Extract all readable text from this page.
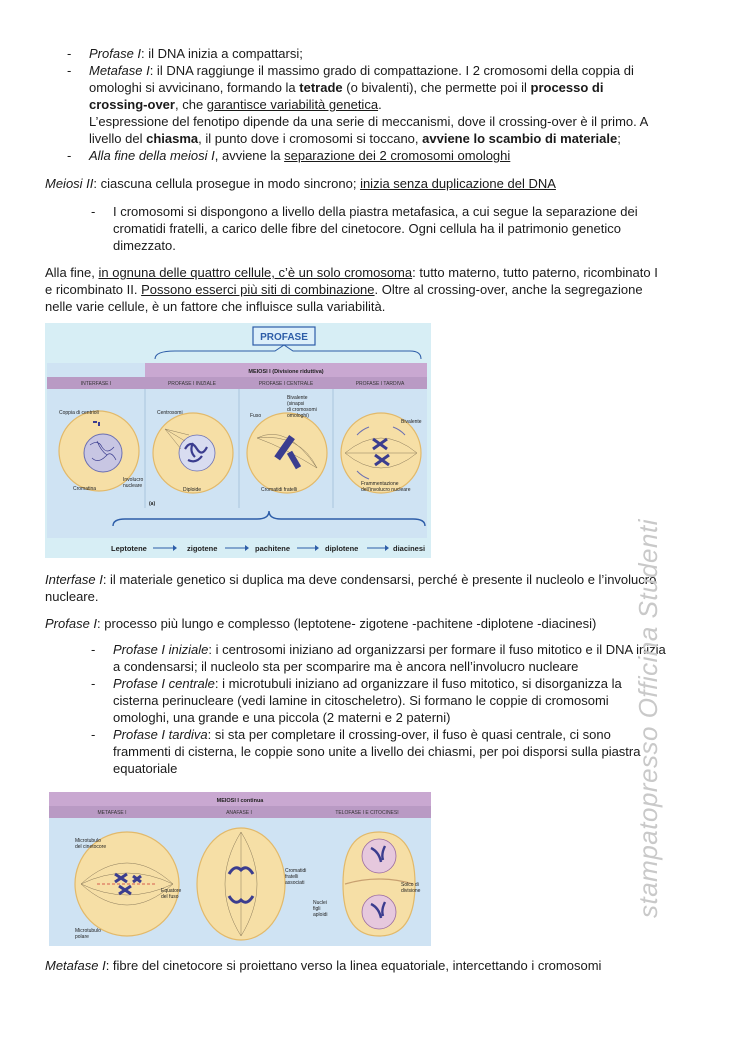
- Profase I: il DNA inizia a compattarsi;
- Metafase I: il DNA raggiunge il massimo grado di compattazione. I 2 cromosomi della coppia di
omologhi si avvicinano, formando la tetrade (o bivalenti), che permette poi il processo di
crossing-over, che garantisce variabilità genetica.
L’espressione del fenotipo dipende da una serie di meccanismi, dove il crossing-over è il primo. A
livello del chiasma, il punto dove i cromosomi si toccano, avviene lo scambio di materiale;
- Alla fine della meiosi I, avviene la separazione dei 2 cromosomi omologhi
Meiosi II: ciascuna cellula prosegue in modo sincrono; inizia senza duplicazione del DNA
- I cromosomi si dispongono a livello della piastra metafasica, a cui segue la separazione dei
cromatidi fratelli, a carico delle fibre del cinetocore. Ogni cellula ha il patrimonio genetico
dimezzato.
Alla fine, in ognuna delle quattro cellule, c’è un solo cromosoma: tutto materno, tutto paterno, ricombinato I
e ricombinato II. Possono esserci più siti di combinazione. Oltre al crossing-over, anche la segregazione
nelle varie cellule, è un fattore che influisce sulla variabilità.
PROFASE
MEIOSI I (Divisione riduttiva)
INTERFASE I	PROFASE I INIZIALE	PROFASE I CENTRALE	PROFASE I TARDIVA
Coppia di centrioli
Cromatina
Involucro
nucleare
Centrosomi
Diploide
Fuso
Bivalente
(sinapsi
di cromosomi
omologhi)
Cromatidi fratelli
Bivalente
Frammentazione
dell’involucro nucleare
(a)
Leptotene	zigotene	pachitene	diplotene	diacinesi
Interfase I: il materiale genetico si duplica ma deve condensarsi, perché è presente il nucleolo e l’involucro
nucleare.
Profase I: processo più lungo e complesso (leptotene- zigotene -pachitene -diplotene -diacinesi)
- Profase I iniziale: i centrosomi iniziano ad organizzarsi per formare il fuso mitotico e il DNA inizia
a condensarsi; il nucleolo sta per scomparire ma è ancora nell’involucro nucleare
- Profase I centrale: i microtubuli iniziano ad organizzare il fuso mitotico, si disorganizza la
cisterna perinucleare (vedi lamine in citoscheletro). Si formano le coppie di cromosomi
omologhi, una grande e una piccola (2 materni e 2 paterni)
- Profase I tardiva: si sta per completare il crossing-over, il fuso è quasi centrale, ci sono
frammenti di cisterna, le coppie sono unite a livello dei chiasmi, per poi disporsi sulla piastra
equatoriale
MEIOSI I continua
METAFASE I	ANAFASE I	TELOFASE I E CITOCINESI
Microtubulo
del cinetocore
Equatore
del fuso
Microtubulo
polare
Cromatidi
fratelli
associati	Solco di
divisione
Nuclei
figli
aploidi
Metafase I: fibre del cinetocore si proiettano verso la linea equatoriale, intercettando i cromosomi
stampatopresso Officina Studenti
